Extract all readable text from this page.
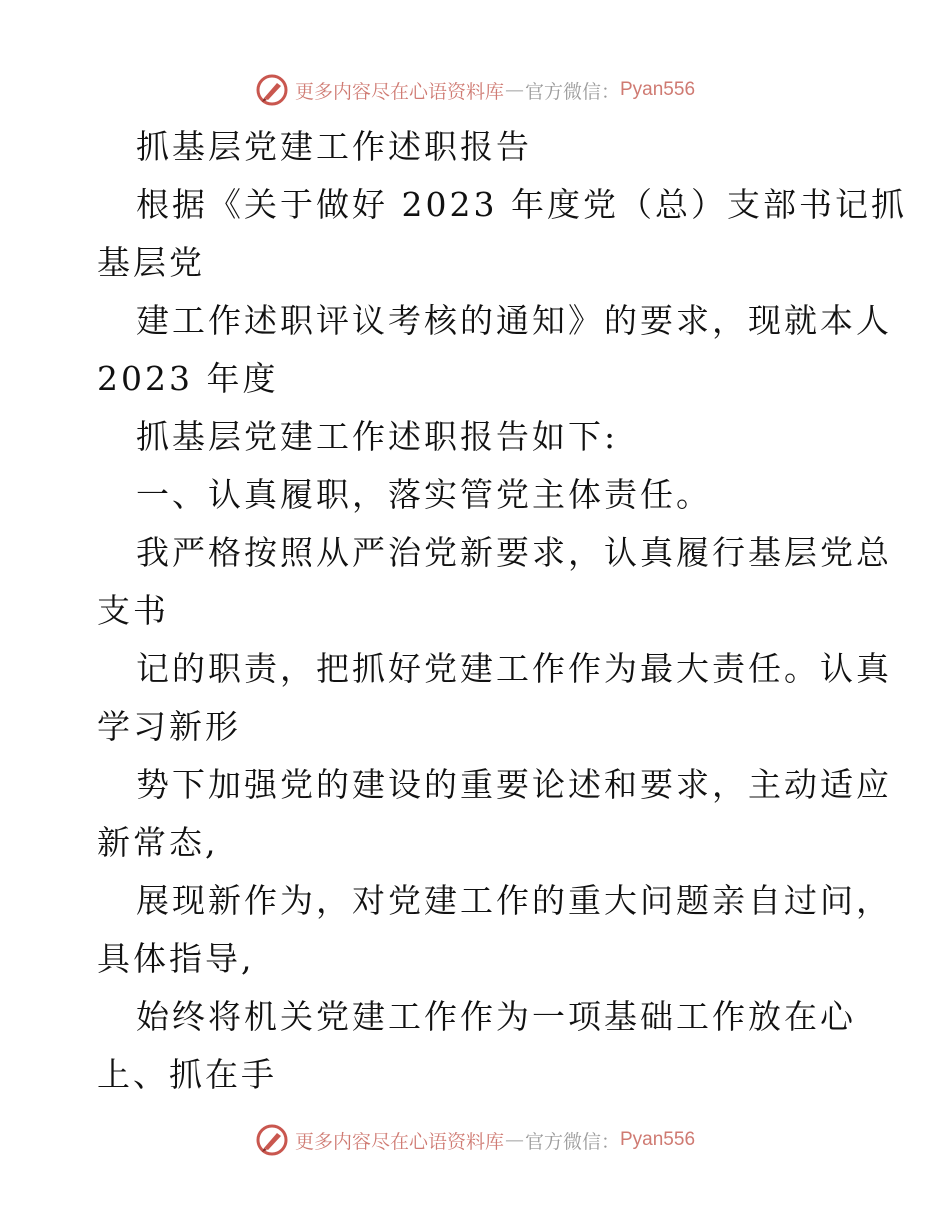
更多内容尽在心语资料库 — 官方微信： Pyan556
抓基层党建工作述职报告
根据《关于做好 2023 年度党（总）支部书记抓
基层党
建工作述职评议考核的通知》的要求，现就本人
2023 年度
抓基层党建工作述职报告如下:
一、认真履职，落实管党主体责任。
我严格按照从严治党新要求，认真履行基层党总
支书
记的职责，把抓好党建工作作为最大责任。认真
学习新形
势下加强党的建设的重要论述和要求，主动适应
新常态,
展现新作为，对党建工作的重大问题亲自过问，
具体指导,
始终将机关党建工作作为一项基础工作放在心
上、抓在手
更多内容尽在心语资料库 — 官方微信： Pyan556
